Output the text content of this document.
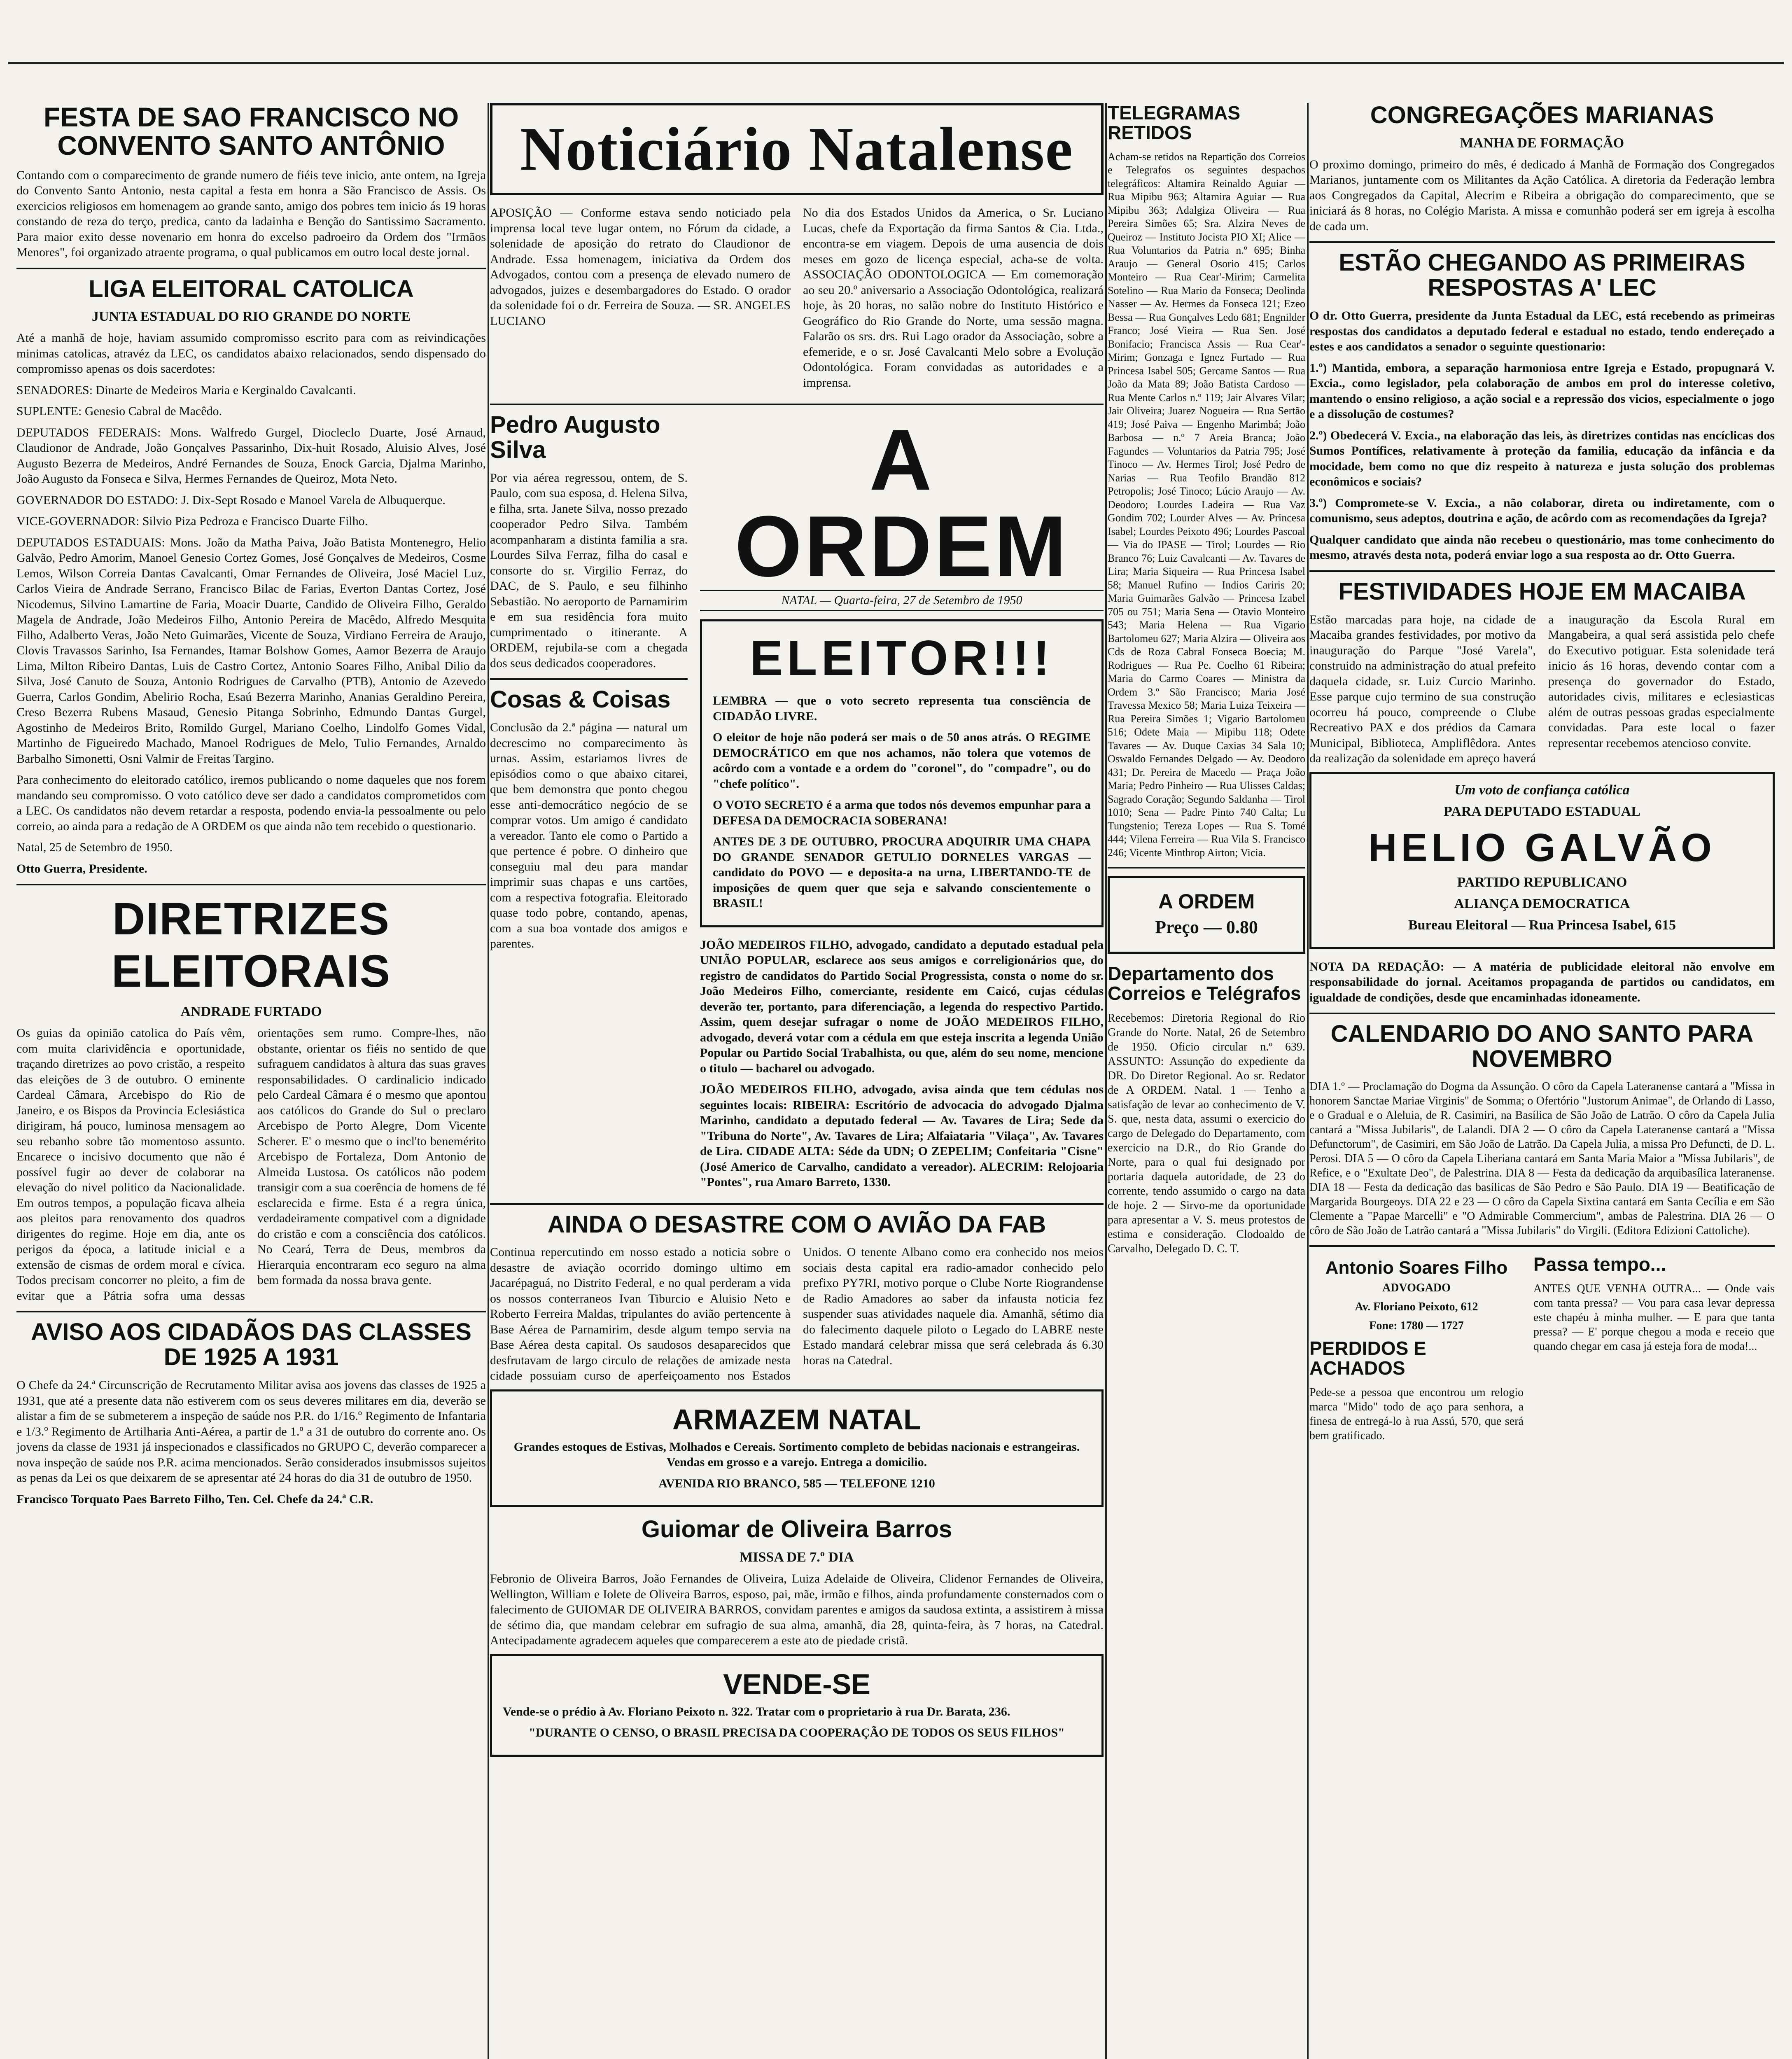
FESTA DE SAO FRANCISCO NO CONVENTO SANTO ANTÔNIO

Contando com o comparecimento de grande numero de fiéis teve inicio, ante ontem, na Igreja do Convento Santo Antonio, nesta capital a festa em honra a São Francisco de Assis. Os exercicios religiosos em homenagem ao grande santo, amigo dos pobres tem inicio ás 19 horas constando de reza do terço, predica, canto da ladainha e Benção do Santissimo Sacramento. Para maior exito desse novenario em honra do excelso padroeiro da Ordem dos "Irmãos Menores", foi organizado atraente programa, o qual publicamos em outro local deste jornal.

LIGA ELEITORAL CATOLICA
JUNTA ESTADUAL DO RIO GRANDE DO NORTE

Até a manhã de hoje, haviam assumido compromisso escrito para com as reivindicações minimas catolicas, atravéz da LEC, os candidatos abaixo relacionados, sendo dispensado do compromisso apenas os dois sacerdotes:

SENADORES: Dinarte de Medeiros Maria e Kerginaldo Cavalcanti.

SUPLENTE: Genesio Cabral de Macêdo.

DEPUTADOS FEDERAIS: Mons. Walfredo Gurgel, Diocleclo Duarte, José Arnaud, Claudionor de Andrade, João Gonçalves Passarinho, Dix-huit Rosado, Aluisio Alves, José Augusto Bezerra de Medeiros, André Fernandes de Souza, Enock Garcia, Djalma Marinho, João Augusto da Fonseca e Silva, Hermes Fernandes de Queiroz, Mota Neto.

GOVERNADOR DO ESTADO: J. Dix-Sept Rosado e Manoel Varela de Albuquerque.

VICE-GOVERNADOR: Silvio Piza Pedroza e Francisco Duarte Filho.

DEPUTADOS ESTADUAIS: Mons. João da Matha Paiva, João Batista Montenegro, Helio Galvão, Pedro Amorim, Manoel Genesio Cortez Gomes, José Gonçalves de Medeiros, Cosme Lemos, Wilson Correia Dantas Cavalcanti, Omar Fernandes de Oliveira, José Maciel Luz, Carlos Vieira de Andrade Serrano, Francisco Bilac de Farias, Everton Dantas Cortez, José Nicodemus, Silvino Lamartine de Faria, Moacir Duarte, Candido de Oliveira Filho, Geraldo Magela de Andrade, João Medeiros Filho, Antonio Pereira de Macêdo, Alfredo Mesquita Filho, Adalberto Veras, João Neto Guimarães, Vicente de Souza, Virdiano Ferreira de Araujo, Clovis Travassos Sarinho, Isa Fernandes, Itamar Bolshow Gomes, Aamor Bezerra de Araujo Lima, Milton Ribeiro Dantas, Luis de Castro Cortez, Antonio Soares Filho, Anibal Dilio da Silva, José Canuto de Souza, Antonio Rodrigues de Carvalho (PTB), Antonio de Azevedo Guerra, Carlos Gondim, Abelirio Rocha, Esaú Bezerra Marinho, Ananias Geraldino Pereira, Creso Bezerra Rubens Masaud, Genesio Pitanga Sobrinho, Edmundo Dantas Gurgel, Agostinho de Medeiros Brito, Romildo Gurgel, Mariano Coelho, Lindolfo Gomes Vidal, Martinho de Figueiredo Machado, Manoel Rodrigues de Melo, Tulio Fernandes, Arnaldo Barbalho Simonetti, Osni Valmir de Freitas Targino.

Para conhecimento do eleitorado católico, iremos publicando o nome daqueles que nos forem mandando seu compromisso. O voto católico deve ser dado a candidatos comprometidos com a LEC. Os candidatos não devem retardar a resposta, podendo envia-la pessoalmente ou pelo correio, ao ainda para a redação de A ORDEM os que ainda não tem recebido o questionario.

Natal, 25 de Setembro de 1950.

Otto Guerra, Presidente.

DIRETRIZES ELEITORAIS
ANDRADE FURTADO

Os guias da opinião catolica do País vêm, com muita clarividência e oportunidade, traçando diretrizes ao povo cristão, a respeito das eleições de 3 de outubro. O eminente Cardeal Câmara, Arcebispo do Rio de Janeiro, e os Bispos da Provincia Eclesiástica dirigiram, há pouco, luminosa mensagem ao seu rebanho sobre tão momentoso assunto. Encarece o incisivo documento que não é possível fugir ao dever de colaborar na elevação do nivel politico da Nacionalidade. Em outros tempos, a população ficava alheia aos pleitos para renovamento dos quadros dirigentes do regime. Hoje em dia, ante os perigos da época, a latitude inicial e a extensão de cismas de ordem moral e cívica. Todos precisam concorrer no pleito, a fim de evitar que a Pátria sofra uma dessas orientações sem rumo. Compre-lhes, não obstante, orientar os fiéis no sentido de que sufraguem candidatos à altura das suas graves responsabilidades. O cardinalicio indicado pelo Cardeal Câmara é o mesmo que apontou aos católicos do Grande do Sul o preclaro Arcebispo de Porto Alegre, Dom Vicente Scherer. E' o mesmo que o incl'to benemérito Arcebispo de Fortaleza, Dom Antonio de Almeida Lustosa. Os católicos não podem transigir com a sua coerência de homens de fé esclarecida e firme. Esta é a regra única, verdadeiramente compativel com a dignidade do cristão e com a consciência dos católicos. No Ceará, Terra de Deus, membros da Hierarquia encontraram eco seguro na alma bem formada da nossa brava gente.

AVISO AOS CIDADÃOS DAS CLASSES DE 1925 A 1931

O Chefe da 24.ª Circunscrição de Recrutamento Militar avisa aos jovens das classes de 1925 a 1931, que até a presente data não estiverem com os seus deveres militares em dia, deverão se alistar a fim de se submeterem a inspeção de saúde nos P.R. do 1/16.º Regimento de Infantaria e 1/3.º Regimento de Artilharia Anti-Aérea, a partir de 1.º a 31 de outubro do corrente ano. Os jovens da classe de 1931 já inspecionados e classificados no GRUPO C, deverão comparecer a nova inspeção de saúde nos P.R. acima mencionados. Serão considerados insubmissos sujeitos as penas da Lei os que deixarem de se apresentar até 24 horas do dia 31 de outubro de 1950.

Francisco Torquato Paes Barreto Filho, Ten. Cel. Chefe da 24.ª C.R.

Noticiário Natalense

APOSIÇÃO — Conforme estava sendo noticiado pela imprensa local teve lugar ontem, no Fórum da cidade, a solenidade de aposição do retrato do Claudionor de Andrade. Essa homenagem, iniciativa da Ordem dos Advogados, contou com a presença de elevado numero de advogados, juizes e desembargadores do Estado. O orador da solenidade foi o dr. Ferreira de Souza. — SR. ANGELES LUCIANO

No dia dos Estados Unidos da America, o Sr. Luciano Lucas, chefe da Exportação da firma Santos & Cia. Ltda., encontra-se em viagem. Depois de uma ausencia de dois meses em gozo de licença especial, acha-se de volta. ASSOCIAÇÃO ODONTOLOGICA — Em comemoração ao seu 20.º aniversario a Associação Odontológica, realizará hoje, às 20 horas, no salão nobre do Instituto Histórico e Geográfico do Rio Grande do Norte, uma sessão magna. Falarão os srs. drs. Rui Lago orador da Associação, sobre a efemeride, e o sr. José Cavalcanti Melo sobre a Evolução Odontológica. Foram convidadas as autoridades e a imprensa.

Pedro Augusto Silva

Por via aérea regressou, ontem, de S. Paulo, com sua esposa, d. Helena Silva, e filha, srta. Janete Silva, nosso prezado cooperador Pedro Silva. Também acompanharam a distinta familia a sra. Lourdes Silva Ferraz, filha do casal e consorte do sr. Virgilio Ferraz, do DAC, de S. Paulo, e seu filhinho Sebastião. No aeroporto de Parnamirim e em sua residência fora muito cumprimentado o itinerante. A ORDEM, rejubila-se com a chegada dos seus dedicados cooperadores.

Cosas & Coisas

Conclusão da 2.ª página — natural um decrescimo no comparecimento às urnas. Assim, estariamos livres de episódios como o que abaixo citarei, que bem demonstra que ponto chegou esse anti-democrático negócio de se comprar votos. Um amigo é candidato a vereador. Tanto ele como o Partido a que pertence é pobre. O dinheiro que conseguiu mal deu para mandar imprimir suas chapas e uns cartões, com a respectiva fotografia. Eleitorado quase todo pobre, contando, apenas, com a sua boa vontade dos amigos e parentes.

A ORDEM
NATAL — Quarta-feira, 27 de Setembro de 1950
ELEITOR!!!

LEMBRA — que o voto secreto representa tua consciência de CIDADÃO LIVRE.

O eleitor de hoje não poderá ser mais o de 50 anos atrás. O REGIME DEMOCRÁTICO em que nos achamos, não tolera que votemos de acôrdo com a vontade e a ordem do "coronel", do "compadre", ou do "chefe político".

O VOTO SECRETO é a arma que todos nós devemos empunhar para a DEFESA DA DEMOCRACIA SOBERANA!

ANTES DE 3 DE OUTUBRO, PROCURA ADQUIRIR UMA CHAPA DO GRANDE SENADOR GETULIO DORNELES VARGAS — candidato do POVO — e deposita-a na urna, LIBERTANDO-TE de imposições de quem quer que seja e salvando conscientemente o BRASIL!

JOÃO MEDEIROS FILHO, advogado, candidato a deputado estadual pela UNIÃO POPULAR, esclarece aos seus amigos e correligionários que, do registro de candidatos do Partido Social Progressista, consta o nome do sr. João Medeiros Filho, comerciante, residente em Caicó, cujas cédulas deverão ter, portanto, para diferenciação, a legenda do respectivo Partido. Assim, quem desejar sufragar o nome de JOÃO MEDEIROS FILHO, advogado, deverá votar com a cédula em que esteja inscrita a legenda União Popular ou Partido Social Trabalhista, ou que, além do seu nome, mencione o titulo — bacharel ou advogado.

JOÃO MEDEIROS FILHO, advogado, avisa ainda que tem cédulas nos seguintes locais: RIBEIRA: Escritório de advocacia do advogado Djalma Marinho, candidato a deputado federal — Av. Tavares de Lira; Sede da "Tribuna do Norte", Av. Tavares de Lira; Alfaiataria "Vilaça", Av. Tavares de Lira. CIDADE ALTA: Séde da UDN; O ZEPELIM; Confeitaria "Cisne" (José Americo de Carvalho, candidato a vereador). ALECRIM: Relojoaria "Pontes", rua Amaro Barreto, 1330.

AINDA O DESASTRE COM O AVIÃO DA FAB

Continua repercutindo em nosso estado a noticia sobre o desastre de aviação ocorrido domingo ultimo em Jacarépaguá, no Distrito Federal, e no qual perderam a vida os nossos conterraneos Ivan Tiburcio e Aluisio Neto e Roberto Ferreira Maldas, tripulantes do avião pertencente à Base Aérea de Parnamirim, desde algum tempo servia na Base Aérea desta capital. Os saudosos desaparecidos que desfrutavam de largo circulo de relações de amizade nesta cidade possuiam curso de aperfeiçoamento nos Estados Unidos. O tenente Albano como era conhecido nos meios sociais desta capital era radio-amador conhecido pelo prefixo PY7RI, motivo porque o Clube Norte Riograndense de Radio Amadores ao saber da infausta noticia fez suspender suas atividades naquele dia. Amanhã, sétimo dia do falecimento daquele piloto o Legado do LABRE neste Estado mandará celebrar missa que será celebrada ás 6.30 horas na Catedral.

ARMAZEM NATAL

Grandes estoques de Estivas, Molhados e Cereais. Sortimento completo de bebidas nacionais e estrangeiras. Vendas em grosso e a varejo. Entrega a domicilio.

AVENIDA RIO BRANCO, 585 — TELEFONE 1210

Guiomar de Oliveira Barros
MISSA DE 7.º DIA

Febronio de Oliveira Barros, João Fernandes de Oliveira, Luiza Adelaide de Oliveira, Clidenor Fernandes de Oliveira, Wellington, William e Iolete de Oliveira Barros, esposo, pai, mãe, irmão e filhos, ainda profundamente consternados com o falecimento de GUIOMAR DE OLIVEIRA BARROS, convidam parentes e amigos da saudosa extinta, a assistirem à missa de sétimo dia, que mandam celebrar em sufragio de sua alma, amanhã, dia 28, quinta-feira, às 7 horas, na Catedral. Antecipadamente agradecem aqueles que comparecerem a este ato de piedade cristã.

VENDE-SE

Vende-se o prédio à Av. Floriano Peixoto n. 322. Tratar com o proprietario à rua Dr. Barata, 236.

"DURANTE O CENSO, O BRASIL PRECISA DA COOPERAÇÃO DE TODOS OS SEUS FILHOS"

TELEGRAMAS RETIDOS

Acham-se retidos na Repartição dos Correios e Telegrafos os seguintes despachos telegráficos: Altamira Reinaldo Aguiar — Rua Mipibu 963; Altamira Aguiar — Rua Mipibu 363; Adalgiza Oliveira — Rua Pereira Simões 65; Sra. Alzira Neves de Queiroz — Instituto Jocista PIO XI; Alice — Rua Voluntarios da Patria n.º 695; Binha Araujo — General Osorio 415; Carlos Monteiro — Rua Cear'-Mirim; Carmelita Sotelino — Rua Mario da Fonseca; Deolinda Nasser — Av. Hermes da Fonseca 121; Ezeo Bessa — Rua Gonçalves Ledo 681; Engnilder Franco; José Vieira — Rua Sen. José Bonifacio; Francisca Assis — Rua Cear'-Mirim; Gonzaga e Ignez Furtado — Rua Princesa Isabel 505; Gercame Santos — Rua João da Mata 89; João Batista Cardoso — Rua Mente Carlos n.º 119; Jair Alvares Vilar; Jair Oliveira; Juarez Nogueira — Rua Sertão 419; José Paiva — Engenho Marimbá; João Barbosa — n.º 7 Areia Branca; João Fagundes — Voluntarios da Patria 795; José Tinoco — Av. Hermes Tirol; José Pedro de Narias — Rua Teofilo Brandão 812 Petropolis; José Tinoco; Lúcio Araujo — Av. Deodoro; Lourdes Ladeira — Rua Vaz Gondim 702; Lourder Alves — Av. Princesa Isabel; Lourdes Peixoto 496; Lourdes Pascoal — Via do IPASE — Tirol; Lourdes — Rio Branco 76; Luiz Cavalcanti — Av. Tavares de Lira; Maria Siqueira — Rua Princesa Isabel 58; Manuel Rufino — Indios Cariris 20; Maria Guimarães Galvão — Princesa Izabel 705 ou 751; Maria Sena — Otavio Monteiro 543; Maria Helena — Rua Vigario Bartolomeu 627; Maria Alzira — Oliveira aos Cds de Roza Cabral Fonseca Boecia; M. Rodrigues — Rua Pe. Coelho 61 Ribeira; Maria do Carmo Coares — Ministra da Ordem 3.º São Francisco; Maria José Travessa Mexico 58; Maria Luiza Teixeira — Rua Pereira Simões 1; Vigario Bartolomeu 516; Odete Maia — Mipibu 118; Odete Tavares — Av. Duque Caxias 34 Sala 10; Oswaldo Fernandes Delgado — Av. Deodoro 431; Dr. Pereira de Macedo — Praça João Maria; Pedro Pinheiro — Rua Ulisses Caldas; Sagrado Coração; Segundo Saldanha — Tirol 1010; Sena — Padre Pinto 740 Calta; Lu Tungstenio; Tereza Lopes — Rua S. Tomé 444; Vilena Ferreira — Rua Vila S. Francisco 246; Vicente Minthrop Airton; Vicia.

A ORDEM
Preço — 0.80
Departamento dos Correios e Telégrafos

Recebemos: Diretoria Regional do Rio Grande do Norte. Natal, 26 de Setembro de 1950. Oficio circular n.º 639. ASSUNTO: Assunção do expediente da DR. Do Diretor Regional. Ao sr. Redator de A ORDEM. Natal. 1 — Tenho a satisfação de levar ao conhecimento de V. S. que, nesta data, assumi o exercicio do cargo de Delegado do Departamento, com exercicio na D.R., do Rio Grande do Norte, para o qual fui designado por portaria daquela autoridade, de 23 do corrente, tendo assumido o cargo na data de hoje. 2 — Sirvo-me da oportunidade para apresentar a V. S. meus protestos de estima e consideração. Clodoaldo de Carvalho, Delegado D. C. T.

CONGREGAÇÕES MARIANAS
MANHA DE FORMAÇÃO

O proximo domingo, primeiro do mês, é dedicado á Manhã de Formação dos Congregados Marianos, juntamente com os Militantes da Ação Católica. A diretoria da Federação lembra aos Congregados da Capital, Alecrim e Ribeira a obrigação do comparecimento, que se iniciará ás 8 horas, no Colégio Marista. A missa e comunhão poderá ser em igreja à escolha de cada um.

ESTÃO CHEGANDO AS PRIMEIRAS RESPOSTAS A' LEC

O dr. Otto Guerra, presidente da Junta Estadual da LEC, está recebendo as primeiras respostas dos candidatos a deputado federal e estadual no estado, tendo endereçado a estes e aos candidatos a senador o seguinte questionario:

1.º) Mantida, embora, a separação harmoniosa entre Igreja e Estado, propugnará V. Excia., como legislador, pela colaboração de ambos em prol do interesse coletivo, mantendo o ensino religioso, a ação social e a repressão dos vicios, especialmente o jogo e a dissolução de costumes?

2.º) Obedecerá V. Excia., na elaboração das leis, às diretrizes contidas nas encíclicas dos Sumos Pontífices, relativamente à proteção da familia, educação da infância e da mocidade, bem como no que diz respeito à natureza e justa solução dos problemas econômicos e sociais?

3.º) Compromete-se V. Excia., a não colaborar, direta ou indiretamente, com o comunismo, seus adeptos, doutrina e ação, de acôrdo com as recomendações da Igreja?

Qualquer candidato que ainda não recebeu o questionário, mas tome conhecimento do mesmo, através desta nota, poderá enviar logo a sua resposta ao dr. Otto Guerra.

FESTIVIDADES HOJE EM MACAIBA

Estão marcadas para hoje, na cidade de Macaiba grandes festividades, por motivo da inauguração do Parque "José Varela", construido na administração do atual prefeito daquela cidade, sr. Luiz Curcio Marinho. Esse parque cujo termino de sua construção ocorreu há pouco, compreende o Clube Recreativo PAX e dos prédios da Camara Municipal, Biblioteca, Ampliflêdora. Antes da realização da solenidade em apreço haverá a inauguração da Escola Rural em Mangabeira, a qual será assistida pelo chefe do Executivo potiguar. Esta solenidade terá inicio ás 16 horas, devendo contar com a presença do governador do Estado, autoridades civis, militares e eclesiasticas além de outras pessoas gradas especialmente convidadas. Para este local o fazer representar recebemos atencioso convite.

Um voto de confiança católica
PARA DEPUTADO ESTADUAL
HELIO GALVÃO
PARTIDO REPUBLICANO
ALIANÇA DEMOCRATICA
Bureau Eleitoral — Rua Princesa Isabel, 615

NOTA DA REDAÇÃO: — A matéria de publicidade eleitoral não envolve em responsabilidade do jornal. Aceitamos propaganda de partidos ou candidatos, em igualdade de condições, desde que encaminhadas idoneamente.

CALENDARIO DO ANO SANTO PARA NOVEMBRO

DIA 1.º — Proclamação do Dogma da Assunção. O côro da Capela Lateranense cantará a "Missa in honorem Sanctae Mariae Virginis" de Somma; o Ofertório "Justorum Animae", de Orlando di Lasso, e o Gradual e o Aleluia, de R. Casimiri, na Basílica de São João de Latrão. O côro da Capela Julia cantará a "Missa Jubilaris", de Lalandi. DIA 2 — O côro da Capela Lateranense cantará a "Missa Defunctorum", de Casimiri, em São João de Latrão. Da Capela Julia, a missa Pro Defuncti, de D. L. Perosi. DIA 5 — O côro da Capela Liberiana cantará em Santa Maria Maior a "Missa Jubilaris", de Refice, e o "Exultate Deo", de Palestrina. DIA 8 — Festa da dedicação da arquibasílica lateranense. DIA 18 — Festa da dedicação das basílicas de São Pedro e São Paulo. DIA 19 — Beatificação de Margarida Bourgeoys. DIA 22 e 23 — O côro da Capela Sixtina cantará em Santa Cecília e em São Clemente a "Papae Marcelli" e "O Admirable Commercium", ambas de Palestrina. DIA 26 — O côro de São João de Latrão cantará a "Missa Jubilaris" do Virgili. (Editora Edizioni Cattoliche).

Antonio Soares Filho
ADVOGADO
Av. Floriano Peixoto, 612
Fone: 1780 — 1727
PERDIDOS E ACHADOS

Pede-se a pessoa que encontrou um relogio marca "Mido" todo de aço para senhora, a finesa de entregá-lo à rua Assú, 570, que será bem gratificado.

Passa tempo...

ANTES QUE VENHA OUTRA... — Onde vais com tanta pressa? — Vou para casa levar depressa este chapéu à minha mulher. — E para que tanta pressa? — E' porque chegou a moda e receio que quando chegar em casa já esteja fora de moda!...
